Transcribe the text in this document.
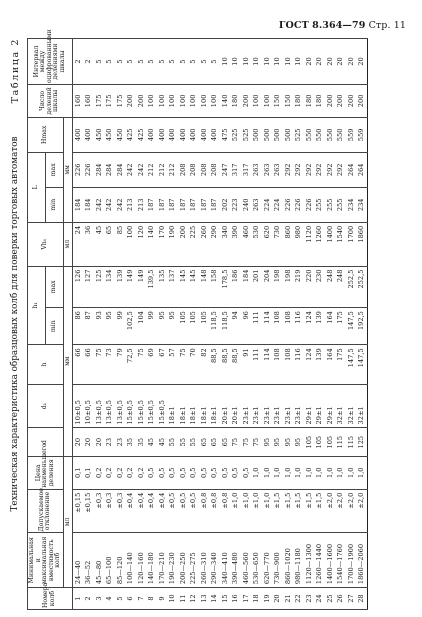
ГОСТ 8.364—79 Стр. 11
Техническая характеристика образцовых колб для поверки торговых автоматов
Таблица 2
Номера колб	Минимальная и максимальная вместимость колб	Допускаемое отклонение	Цена наименьшего деления	d	d₁	h	h₁		Vh₁	L		Hmax	Число делений шкалы	Интервал между оцифрованными делениями шкалы
							min	max		min	max			
	мл			мм					мл	мм				
1	24—40	±0,15	0,1	20	10±0,5	66	86	126	24	184	226	400	160	2
2	36—52	±0,15	0,1	20	10±0,5	66	87	127	36	184	226	400	160	2
3	45—80	±0,3	0,2	20	13±0,5	75	93	125	45	242	284	450	175	5
4	65—100	±0,3	0,2	23	13±0,5	73	95	134	65	242	284	450	175	5
5	85—120	±0,3	0,2	23	13±0,5	79	99	139	85	242	284	450	175	5
6	100—140	±0,4	0,2	35	15±0,5	72,5	102,5	149	100	213	242	425	200	5
7	120—160	±0,4	0,2	35	15±0,5	75	104	149	120	213	242	425	200	5
8	140—180	±0,4	0,5	45	15±0,5	69	99	139,5	140	187	212	400	100	5
9	170—210	±0,4	0,5	45	15±0,5	67	95	135	170	187	212	400	100	5
10	190—230	±0,5	0,5	55	18±1	57	95	137	190	187	212	400	100	5
11	200—250	±0,5	0,5	55	18±1	75	105	145	200	187	208	400	100	5
12	225—275	±0,5	0,5	55	18±1	70	105	145	225	187	208	400	100	5
13	260—310	±0,8	0,5	65	18±1	82	105	148	260	187	208	400	100	5
14	290—340	±0,8	0,5	65	18±1	88,5	118,5	158	290	187	208	400	100	5
15	340—410	±0,8	0,5	65	20±1	88,5	118,5	178,5	340	202	247	475	140	10
16	390—480	±1,0	0,5	75	20±1	88,5	94	186	390	223	317	525	180	10
17	460—560	±1,0	0,5	75	23±1	91	96	184	460	240	317	525	200	10
18	530—650	±1,0	1,0	75	23±1	111	111	201	530	263	263	500	100	10
19	620—770	±1,0	1,0	95	23±1	114	114	204	620	224	263	500	100	10
20	730—900	±1,5	1,0	95	23±1	108	108	198	730	224	263	500	150	10
21	860—1020	±1,5	1,0	95	23±1	108	108	198	860	226	292	500	150	10
22	980—1180	±1,5	1,0	95	23±1	116	116	219	980	226	292	525	180	10
23	1120—1300	±1,5	1,0	105	29±1	124	124	220	1120	226	292	550	180	20
24	1260—1440	±1,5	1,0	105	29±1	139	139	230	1260	255	292	550	180	20
25	1400—1600	±2,0	1,0	105	29±1	164	164	248	1400	255	292	550	200	20
26	1540—1760	±2,0	1,0	115	32±1	175	175	248	1540	255	292	550	200	20
27	1700—1900	±2,0	1,0	115	32±1	147,5	147,5	252,5	1700	234	264	559	200	20
28	1860—2060	±2,0	1,0	125	32±1	147,5	192,5	252,5	1860	234	264	559	200	20
